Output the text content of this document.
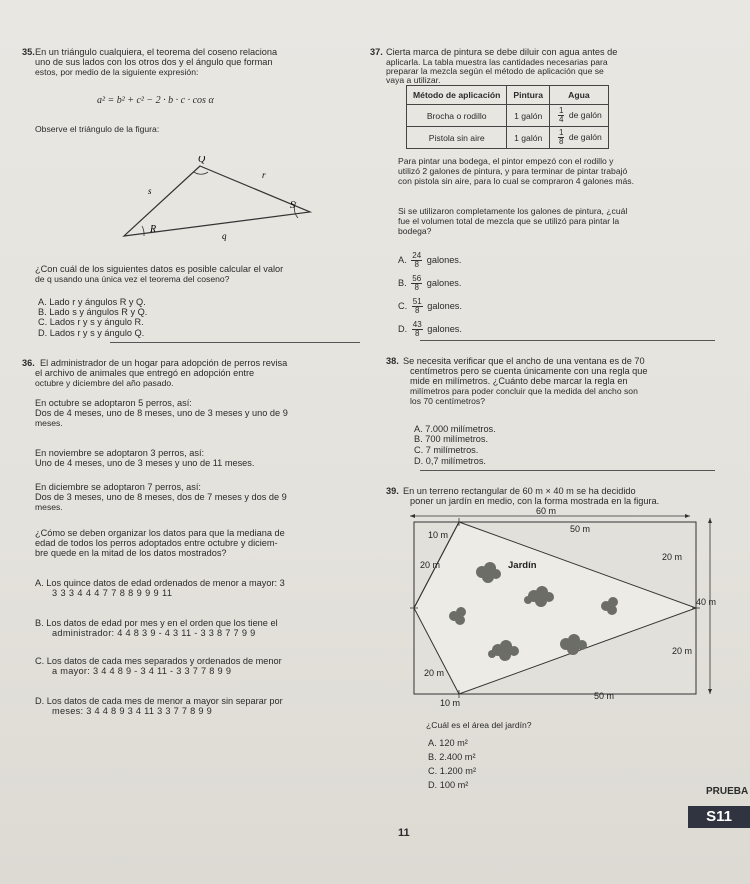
35. En un triángulo cualquiera, el teorema del coseno relaciona
uno de sus lados con los otros dos y el ángulo que forman
estos, por medio de la siguiente expresión:
a² = b² + c² − 2 · b · c · cos α
Observe el triángulo de la figura:
Q
r
s
S
R
q
¿Con cuál de los siguientes datos es posible calcular el valor
de q usando una única vez el teorema del coseno?
A. Lado r y ángulos R y Q.
B. Lado s y ángulos R y Q.
C. Lados r y s y ángulo R.
D. Lados r y s y ángulo Q.
36. El administrador de un hogar para adopción de perros revisa
el archivo de animales que entregó en adopción entre
octubre y diciembre del año pasado.
En octubre se adoptaron 5 perros, así:
Dos de 4 meses, uno de 8 meses, uno de 3 meses y uno de 9
meses.
En noviembre se adoptaron 3 perros, así:
Uno de 4 meses, uno de 3 meses y uno de 11 meses.
En diciembre se adoptaron 7 perros, así:
Dos de 3 meses, uno de 8 meses, dos de 7 meses y dos de 9
meses.
¿Cómo se deben organizar los datos para que la mediana de
edad de todos los perros adoptados entre octubre y diciem-
bre quede en la mitad de los datos mostrados?
A. Los quince datos de edad ordenados de menor a mayor: 3
3 3 3 4 4 4 7 7 8 8 9 9 9 11
B. Los datos de edad por mes y en el orden que los tiene el
administrador: 4 4 8 3 9 - 4 3 11 - 3 3 8 7 7 9 9
C. Los datos de cada mes separados y ordenados de menor
a mayor: 3 4 4 8 9 - 3 4 11 - 3 3 7 7 8 9 9
D. Los datos de cada mes de menor a mayor sin separar por
meses: 3 4 4 8 9 3 4 11 3 3 7 7 8 9 9
37. Cierta marca de pintura se debe diluir con agua antes de
aplicarla. La tabla muestra las cantidades necesarias para
preparar la mezcla según el método de aplicación que se
vaya a utilizar.
Método de aplicación	Pintura	Agua
Brocha o rodillo	1 galón	$\frac{1}{4}$ de galón
Pistola sin aire	1 galón	$\frac{1}{8}$ de galón
Para pintar una bodega, el pintor empezó con el rodillo y
utilizó 2 galones de pintura, y para terminar de pintar trabajó
con pistola sin aire, para lo cual se compraron 4 galones más.
Si se utilizaron completamente los galones de pintura, ¿cuál
fue el volumen total de mezcla que se utilizó para pintar la
bodega?
A. $\frac{24}{8}$ galones.
B. $\frac{56}{8}$ galones.
C. $\frac{51}{8}$ galones.
D. $\frac{43}{8}$ galones.
38. Se necesita verificar que el ancho de una ventana es de 70
centímetros pero se cuenta únicamente con una regla que
mide en milímetros. ¿Cuánto debe marcar la regla en
milímetros para poder concluir que la medida del ancho son
los 70 centímetros?
A. 7.000 milímetros.
B. 700 milímetros.
C. 7 milímetros.
D. 0,7 milímetros.
39. En un terreno rectangular de 60 m × 40 m se ha decidido
poner un jardín en medio, con la forma mostrada en la figura.
60 m
40 m
10 m
50 m
20 m
20 m
20 m
20 m
10 m
50 m
Jardín
¿Cuál es el área del jardín?
A. 120 m²
B. 2.400 m²
C. 1.200 m²
D. 100 m²
PRUEBA
S11
11
